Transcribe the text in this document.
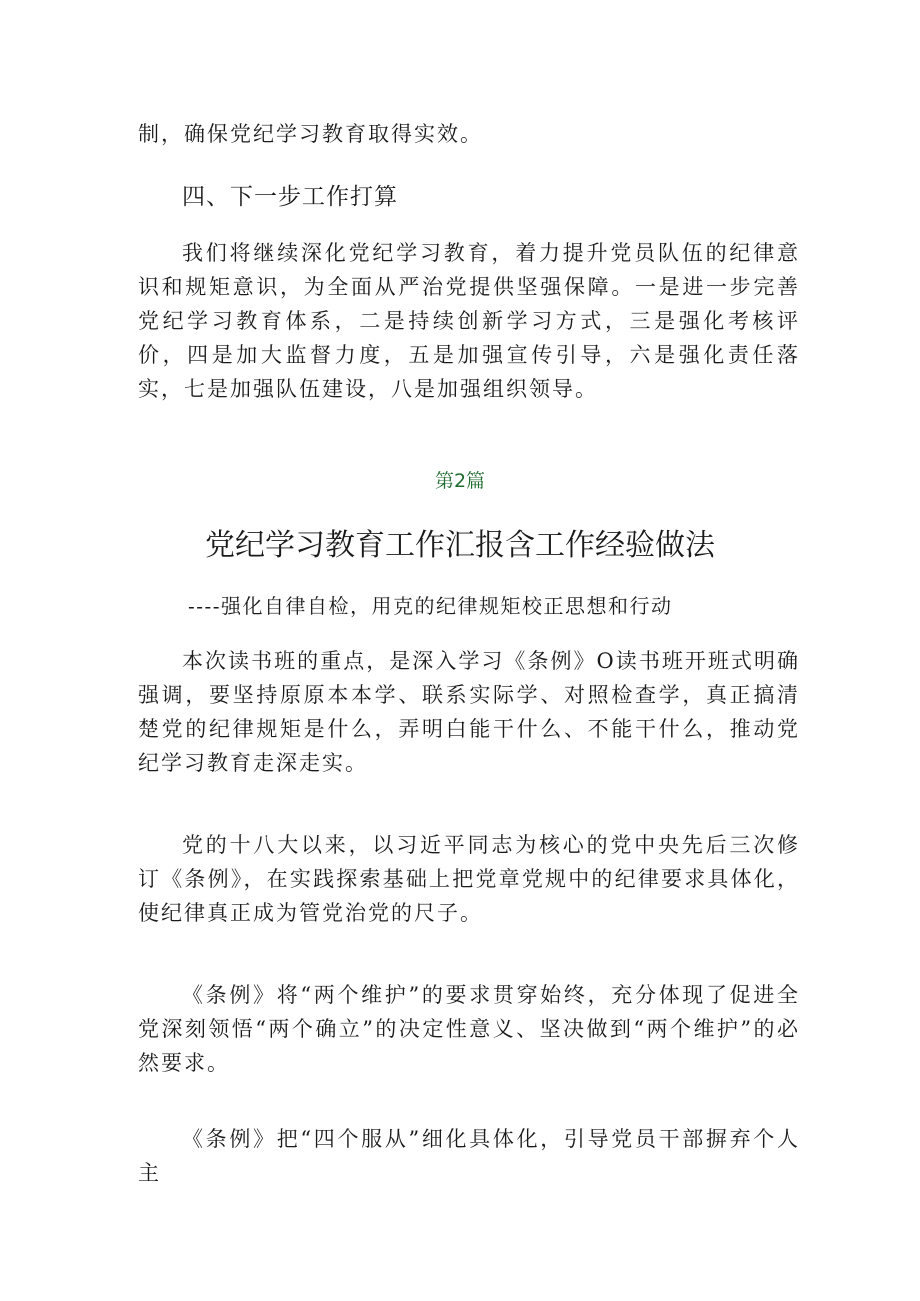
制，确保党纪学习教育取得实效。

四、下一步工作打算

我们将继续深化党纪学习教育，着力提升党员队伍的纪律意识和规矩意识，为全面从严治党提供坚强保障。一是进一步完善党纪学习教育体系，二是持续创新学习方式，三是强化考核评价，四是加大监督力度，五是加强宣传引导，六是强化责任落实，七是加强队伍建设，八是加强组织领导。

第2篇

党纪学习教育工作汇报含工作经验做法

----强化自律自检，用克的纪律规矩校正思想和行动

本次读书班的重点，是深入学习《条例》O读书班开班式明确强调，要坚持原原本本学、联系实际学、对照检查学，真正搞清楚党的纪律规矩是什么，弄明白能干什么、不能干什么，推动党纪学习教育走深走实。

党的十八大以来，以习近平同志为核心的党中央先后三次修订《条例》，在实践探索基础上把党章党规中的纪律要求具体化，使纪律真正成为管党治党的尺子。

《条例》将“两个维护”的要求贯穿始终，充分体现了促进全党深刻领悟“两个确立”的决定性意义、坚决做到“两个维护”的必然要求。

《条例》把“四个服从”细化具体化，引导党员干部摒弃个人主
